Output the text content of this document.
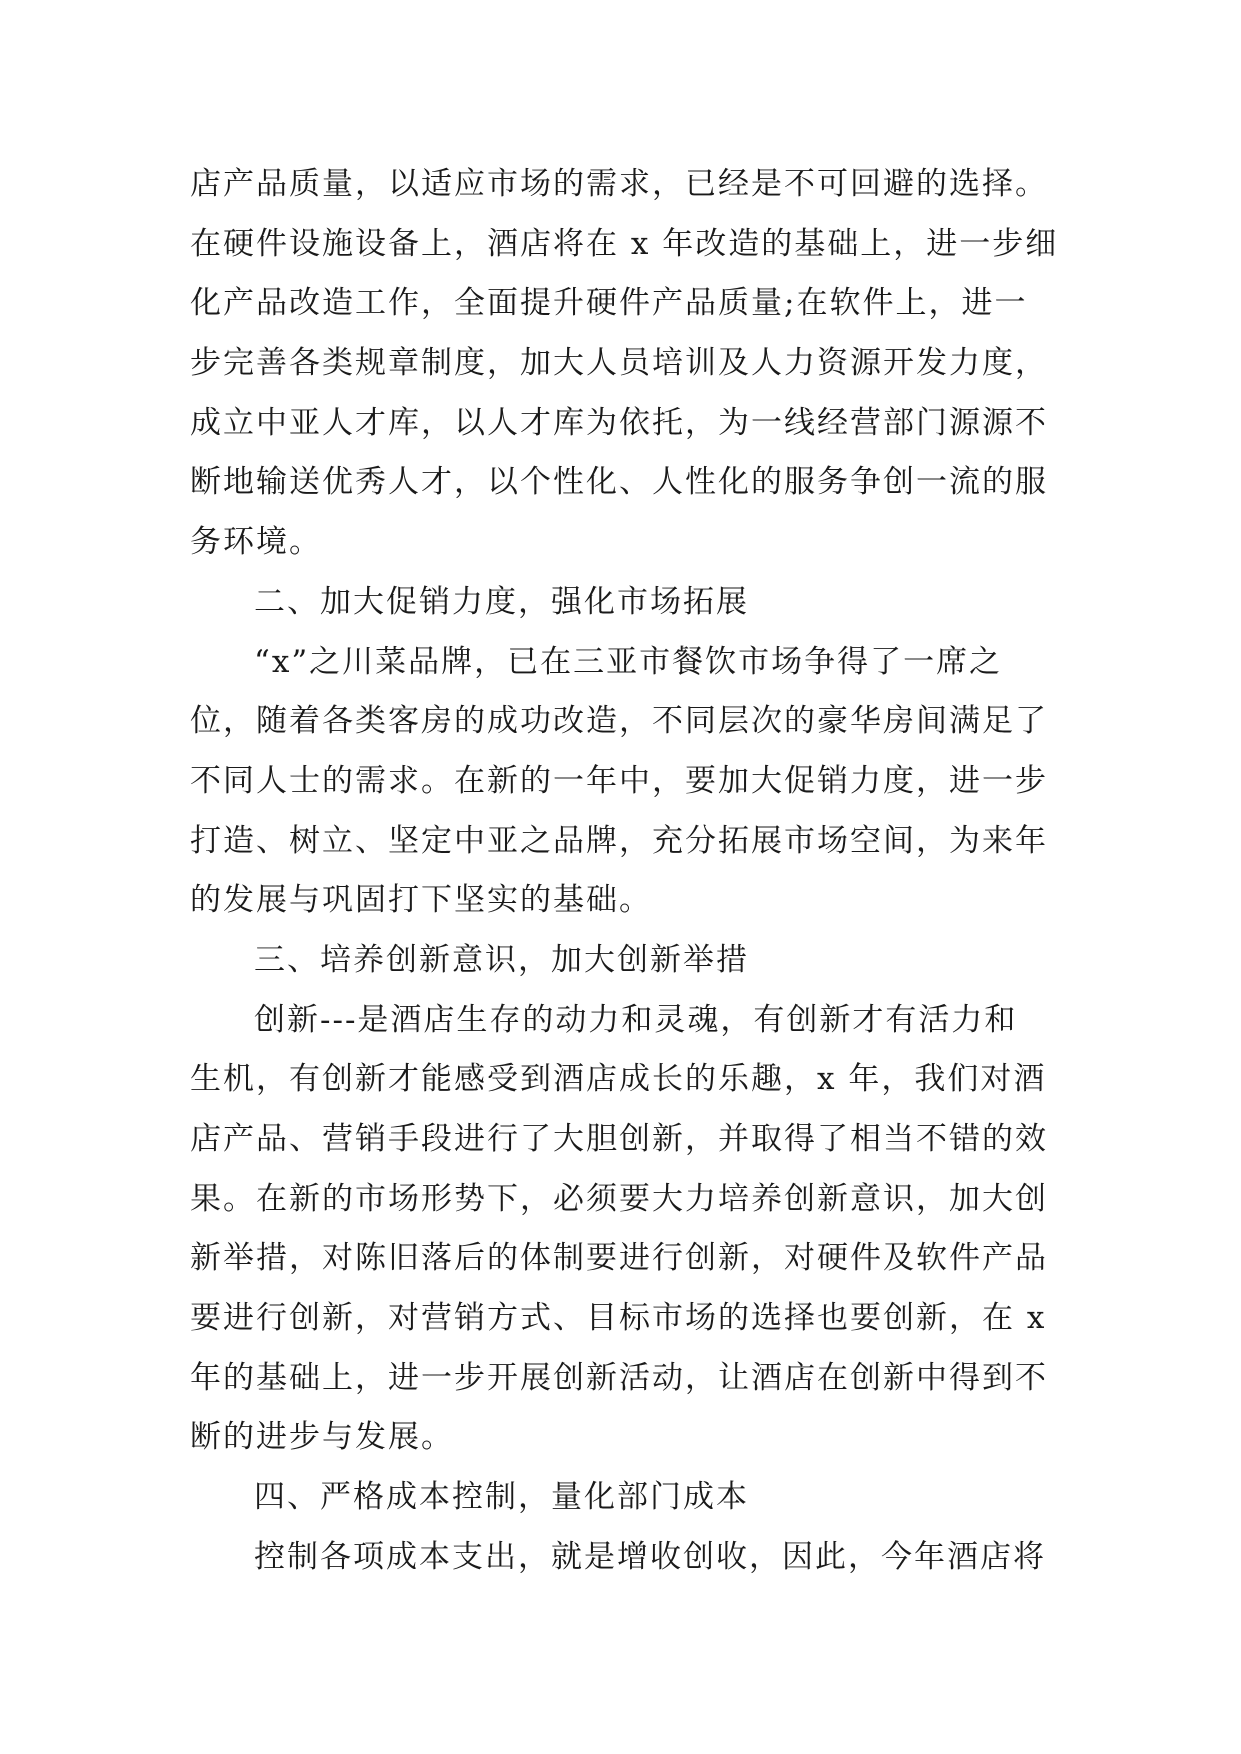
店产品质量，以适应市场的需求，已经是不可回避的选择。
在硬件设施设备上，酒店将在 x 年改造的基础上，进一步细
化产品改造工作，全面提升硬件产品质量;在软件上，进一
步完善各类规章制度，加大人员培训及人力资源开发力度，
成立中亚人才库，以人才库为依托，为一线经营部门源源不
断地输送优秀人才，以个性化、人性化的服务争创一流的服
务环境。
二、加大促销力度，强化市场拓展
“x”之川菜品牌，已在三亚市餐饮市场争得了一席之
位，随着各类客房的成功改造，不同层次的豪华房间满足了
不同人士的需求。在新的一年中，要加大促销力度，进一步
打造、树立、坚定中亚之品牌，充分拓展市场空间，为来年
的发展与巩固打下坚实的基础。
三、培养创新意识，加大创新举措
创新---是酒店生存的动力和灵魂，有创新才有活力和
生机，有创新才能感受到酒店成长的乐趣，x 年，我们对酒
店产品、营销手段进行了大胆创新，并取得了相当不错的效
果。在新的市场形势下，必须要大力培养创新意识，加大创
新举措，对陈旧落后的体制要进行创新，对硬件及软件产品
要进行创新，对营销方式、目标市场的选择也要创新，在 x
年的基础上，进一步开展创新活动，让酒店在创新中得到不
断的进步与发展。
四、严格成本控制，量化部门成本
控制各项成本支出，就是增收创收，因此，今年酒店将
